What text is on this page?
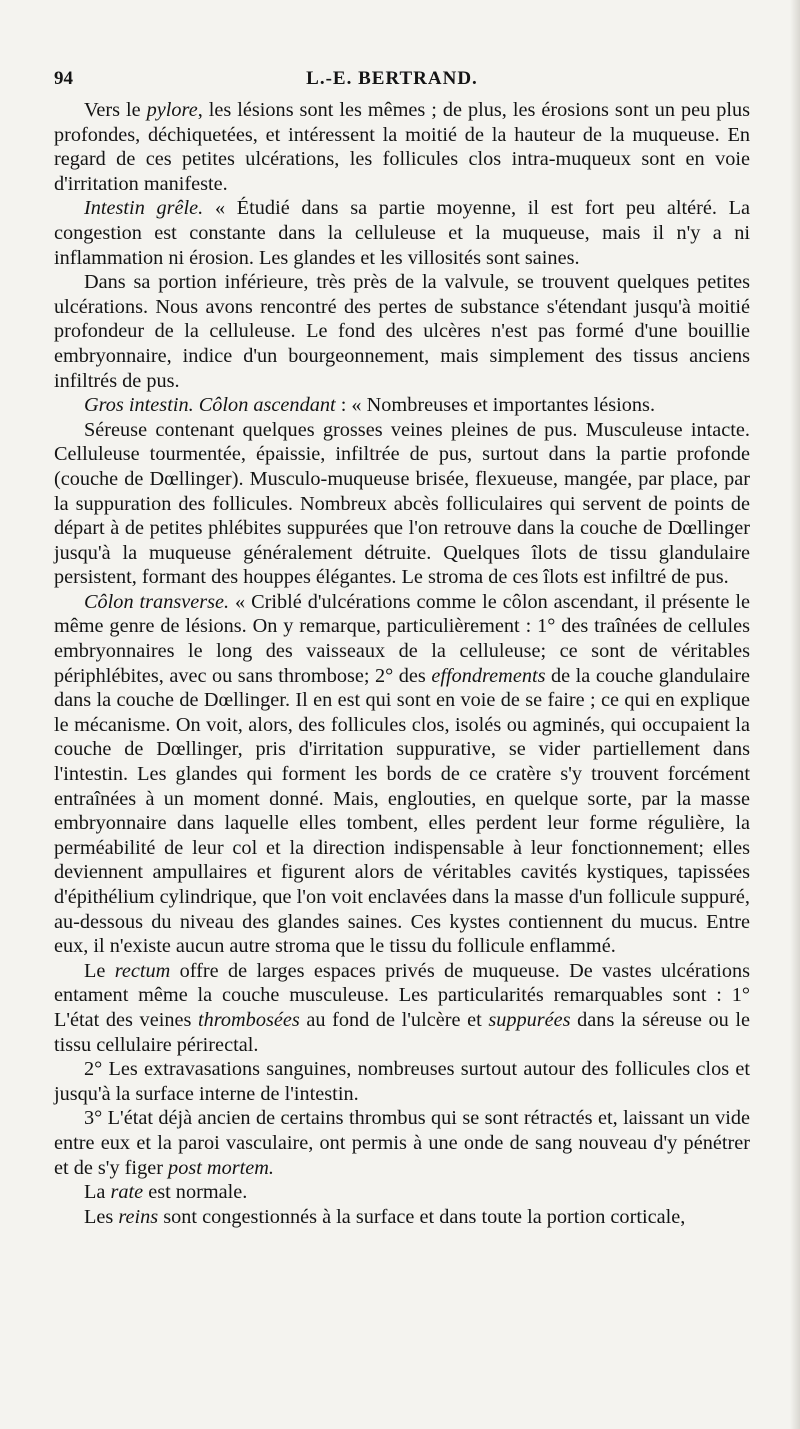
94	L.-E. BERTRAND.

Vers le pylore, les lésions sont les mêmes ; de plus, les érosions sont un peu plus profondes, déchiquetées, et intéressent la moitié de la hauteur de la muqueuse. En regard de ces petites ulcérations, les follicules clos intra-muqueux sont en voie d'irritation manifeste.

Intestin grêle. « Étudié dans sa partie moyenne, il est fort peu altéré. La congestion est constante dans la celluleuse et la muqueuse, mais il n'y a ni inflammation ni érosion. Les glandes et les villosités sont saines.

Dans sa portion inférieure, très près de la valvule, se trouvent quelques petites ulcérations. Nous avons rencontré des pertes de substance s'étendant jusqu'à moitié profondeur de la celluleuse. Le fond des ulcères n'est pas formé d'une bouillie embryonnaire, indice d'un bourgeonnement, mais simplement des tissus anciens infiltrés de pus.

Gros intestin. Côlon ascendant : « Nombreuses et importantes lésions.

Séreuse contenant quelques grosses veines pleines de pus. Musculeuse intacte. Celluleuse tourmentée, épaissie, infiltrée de pus, surtout dans la partie profonde (couche de Dœllinger). Musculo-muqueuse brisée, flexueuse, mangée, par place, par la suppuration des follicules. Nombreux abcès folliculaires qui servent de points de départ à de petites phlébites suppurées que l'on retrouve dans la couche de Dœllinger jusqu'à la muqueuse généralement détruite. Quelques îlots de tissu glandulaire persistent, formant des houppes élégantes. Le stroma de ces îlots est infiltré de pus.

Côlon transverse. « Criblé d'ulcérations comme le côlon ascendant, il présente le même genre de lésions. On y remarque, particulièrement : 1° des traînées de cellules embryonnaires le long des vaisseaux de la celluleuse; ce sont de véritables périphlébites, avec ou sans thrombose; 2° des effondrements de la couche glandulaire dans la couche de Dœllinger. Il en est qui sont en voie de se faire ; ce qui en explique le mécanisme. On voit, alors, des follicules clos, isolés ou agminés, qui occupaient la couche de Dœllinger, pris d'irritation suppurative, se vider partiellement dans l'intestin. Les glandes qui forment les bords de ce cratère s'y trouvent forcément entraînées à un moment donné. Mais, englouties, en quelque sorte, par la masse embryonnaire dans laquelle elles tombent, elles perdent leur forme régulière, la perméabilité de leur col et la direction indispensable à leur fonctionnement; elles deviennent ampullaires et figurent alors de véritables cavités kystiques, tapissées d'épithélium cylindrique, que l'on voit enclavées dans la masse d'un follicule suppuré, au-dessous du niveau des glandes saines. Ces kystes contiennent du mucus. Entre eux, il n'existe aucun autre stroma que le tissu du follicule enflammé.

Le rectum offre de larges espaces privés de muqueuse. De vastes ulcérations entament même la couche musculeuse. Les particularités remarquables sont : 1° L'état des veines thrombosées au fond de l'ulcère et suppurées dans la séreuse ou le tissu cellulaire périrectal.

2° Les extravasations sanguines, nombreuses surtout autour des follicules clos et jusqu'à la surface interne de l'intestin.

3° L'état déjà ancien de certains thrombus qui se sont rétractés et, laissant un vide entre eux et la paroi vasculaire, ont permis à une onde de sang nouveau d'y pénétrer et de s'y figer post mortem.

La rate est normale.

Les reins sont congestionnés à la surface et dans toute la portion corticale,
